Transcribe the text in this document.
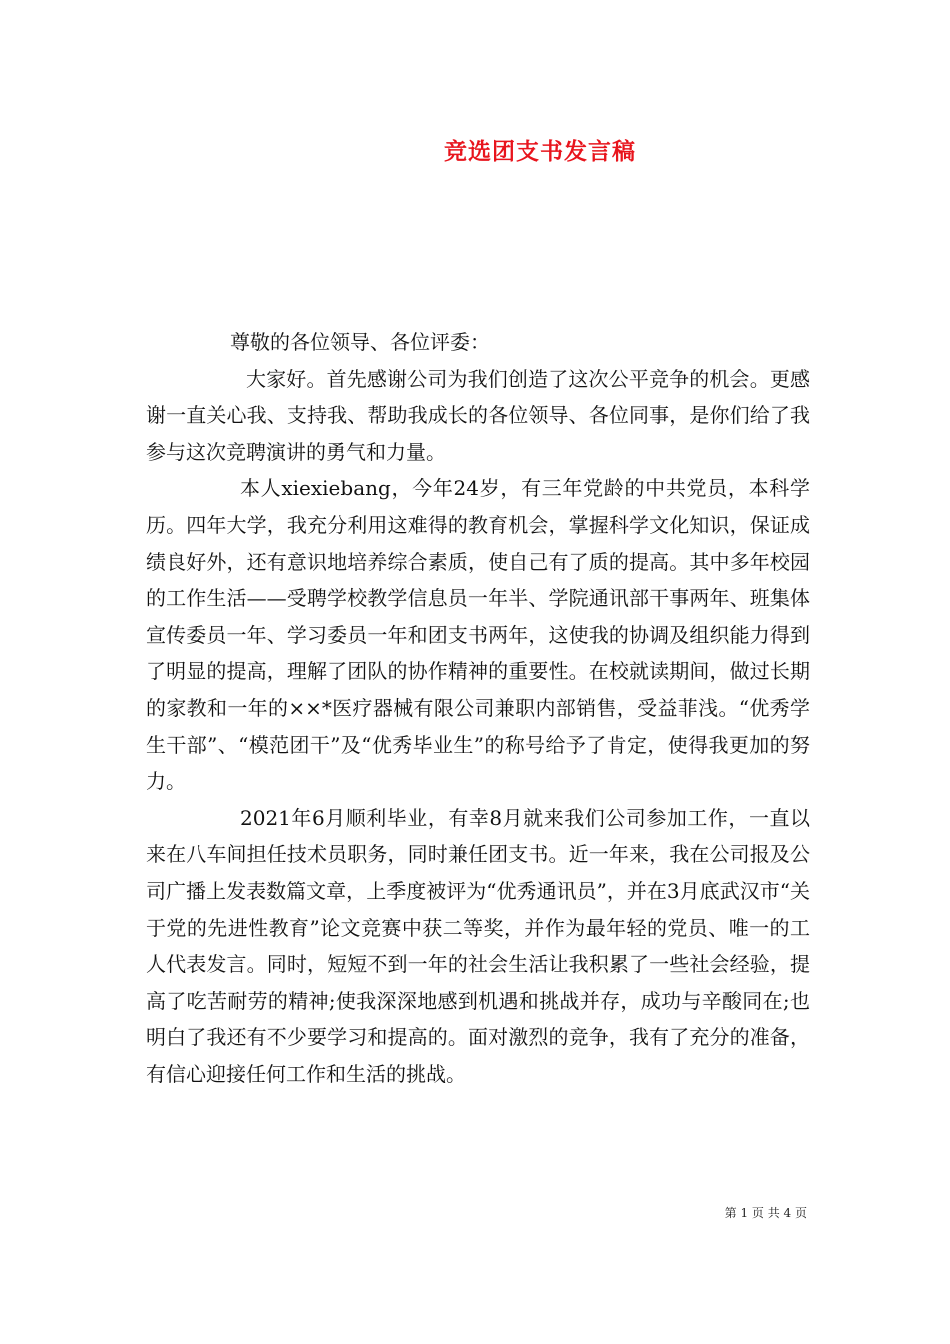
竞选团支书发言稿

尊敬的各位领导、各位评委：

大家好。首先感谢公司为我们创造了这次公平竞争的机会。更感谢一直关心我、支持我、帮助我成长的各位领导、各位同事，是你们给了我参与这次竞聘演讲的勇气和力量。

本人xiexiebang，今年24岁，有三年党龄的中共党员，本科学历。四年大学，我充分利用这难得的教育机会，掌握科学文化知识，保证成绩良好外，还有意识地培养综合素质，使自己有了质的提高。其中多年校园的工作生活——受聘学校教学信息员一年半、学院通讯部干事两年、班集体宣传委员一年、学习委员一年和团支书两年，这使我的协调及组织能力得到了明显的提高，理解了团队的协作精神的重要性。在校就读期间，做过长期的家教和一年的××*医疗器械有限公司兼职内部销售，受益菲浅。“优秀学生干部”、“模范团干”及“优秀毕业生”的称号给予了肯定，使得我更加的努力。

2021年6月顺利毕业，有幸8月就来我们公司参加工作，一直以来在八车间担任技术员职务，同时兼任团支书。近一年来，我在公司报及公司广播上发表数篇文章，上季度被评为“优秀通讯员”，并在3月底武汉市“关于党的先进性教育”论文竞赛中获二等奖，并作为最年轻的党员、唯一的工人代表发言。同时，短短不到一年的社会生活让我积累了一些社会经验，提高了吃苦耐劳的精神;使我深深地感到机遇和挑战并存，成功与辛酸同在;也明白了我还有不少要学习和提高的。面对激烈的竞争，我有了充分的准备，有信心迎接任何工作和生活的挑战。

第 1 页 共 4 页
